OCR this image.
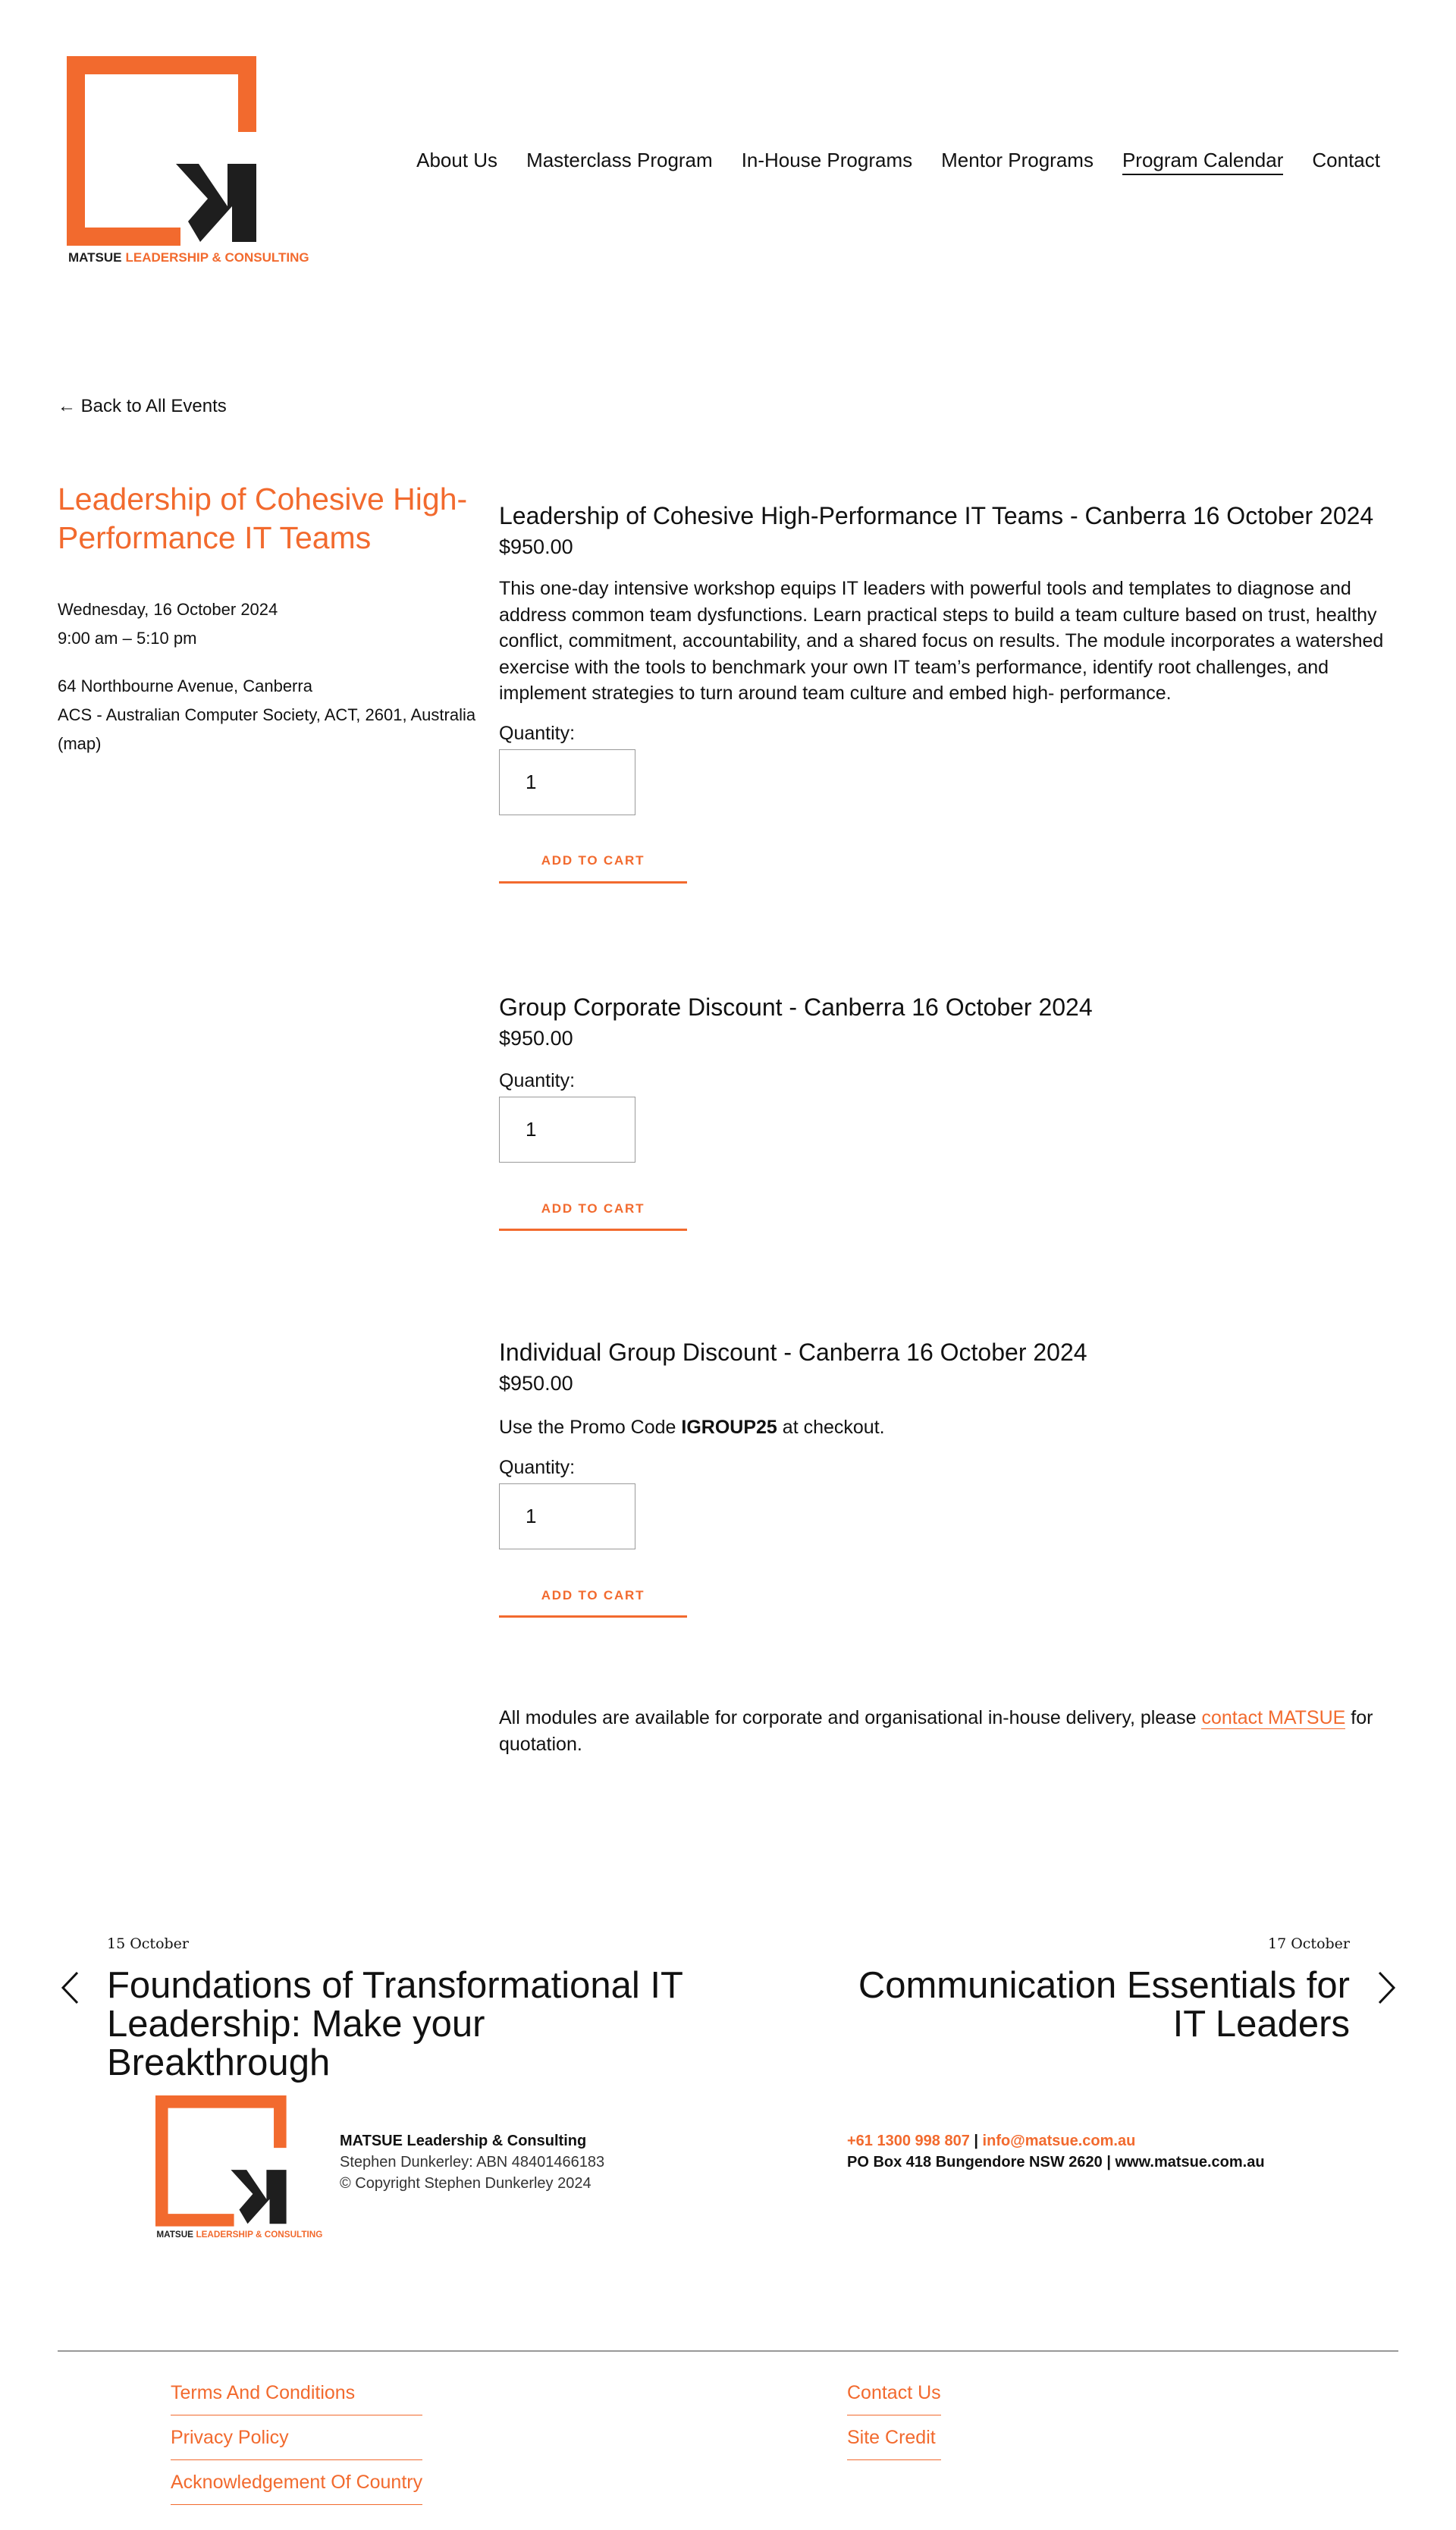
MATSUE LEADERSHIP & CONSULTING
About Us Masterclass Program In-House Programs Mentor Programs Program Calendar Contact
← Back to All Events
Leadership of Cohesive High-Performance IT Teams
Wednesday, 16 October 2024
9:00 am – 5:10 pm
64 Northbourne Avenue, Canberra
ACS - Australian Computer Society, ACT, 2601, Australia (map)
Leadership of Cohesive High-Performance IT Teams - Canberra 16 October 2024
$950.00

This one-day intensive workshop equips IT leaders with powerful tools and templates to diagnose and address common team dysfunctions. Learn practical steps to build a team culture based on trust, healthy conflict, commitment, accountability, and a shared focus on results. The module incorporates a watershed exercise with the tools to benchmark your own IT team’s performance, identify root challenges, and implement strategies to turn around team culture and embed high- performance.

Quantity:
1
ADD TO CART
Group Corporate Discount - Canberra 16 October 2024
$950.00
Quantity:
1
ADD TO CART
Individual Group Discount - Canberra 16 October 2024
$950.00

Use the Promo Code IGROUP25 at checkout.

Quantity:
1
ADD TO CART

All modules are available for corporate and organisational in-house delivery, please contact MATSUE for quotation.

15 October
Foundations of Transformational IT Leadership: Make your Breakthrough
17 October
Communication Essentials for IT Leaders
MATSUE LEADERSHIP & CONSULTING
MATSUE Leadership & Consulting
Stephen Dunkerley: ABN 48401466183
© Copyright Stephen Dunkerley 2024
+61 1300 998 807 | info@matsue.com.au
PO Box 418 Bungendore NSW 2620 | www.matsue.com.au
Terms And Conditions
Privacy Policy
Acknowledgement Of Country
Contact Us
Site Credit
